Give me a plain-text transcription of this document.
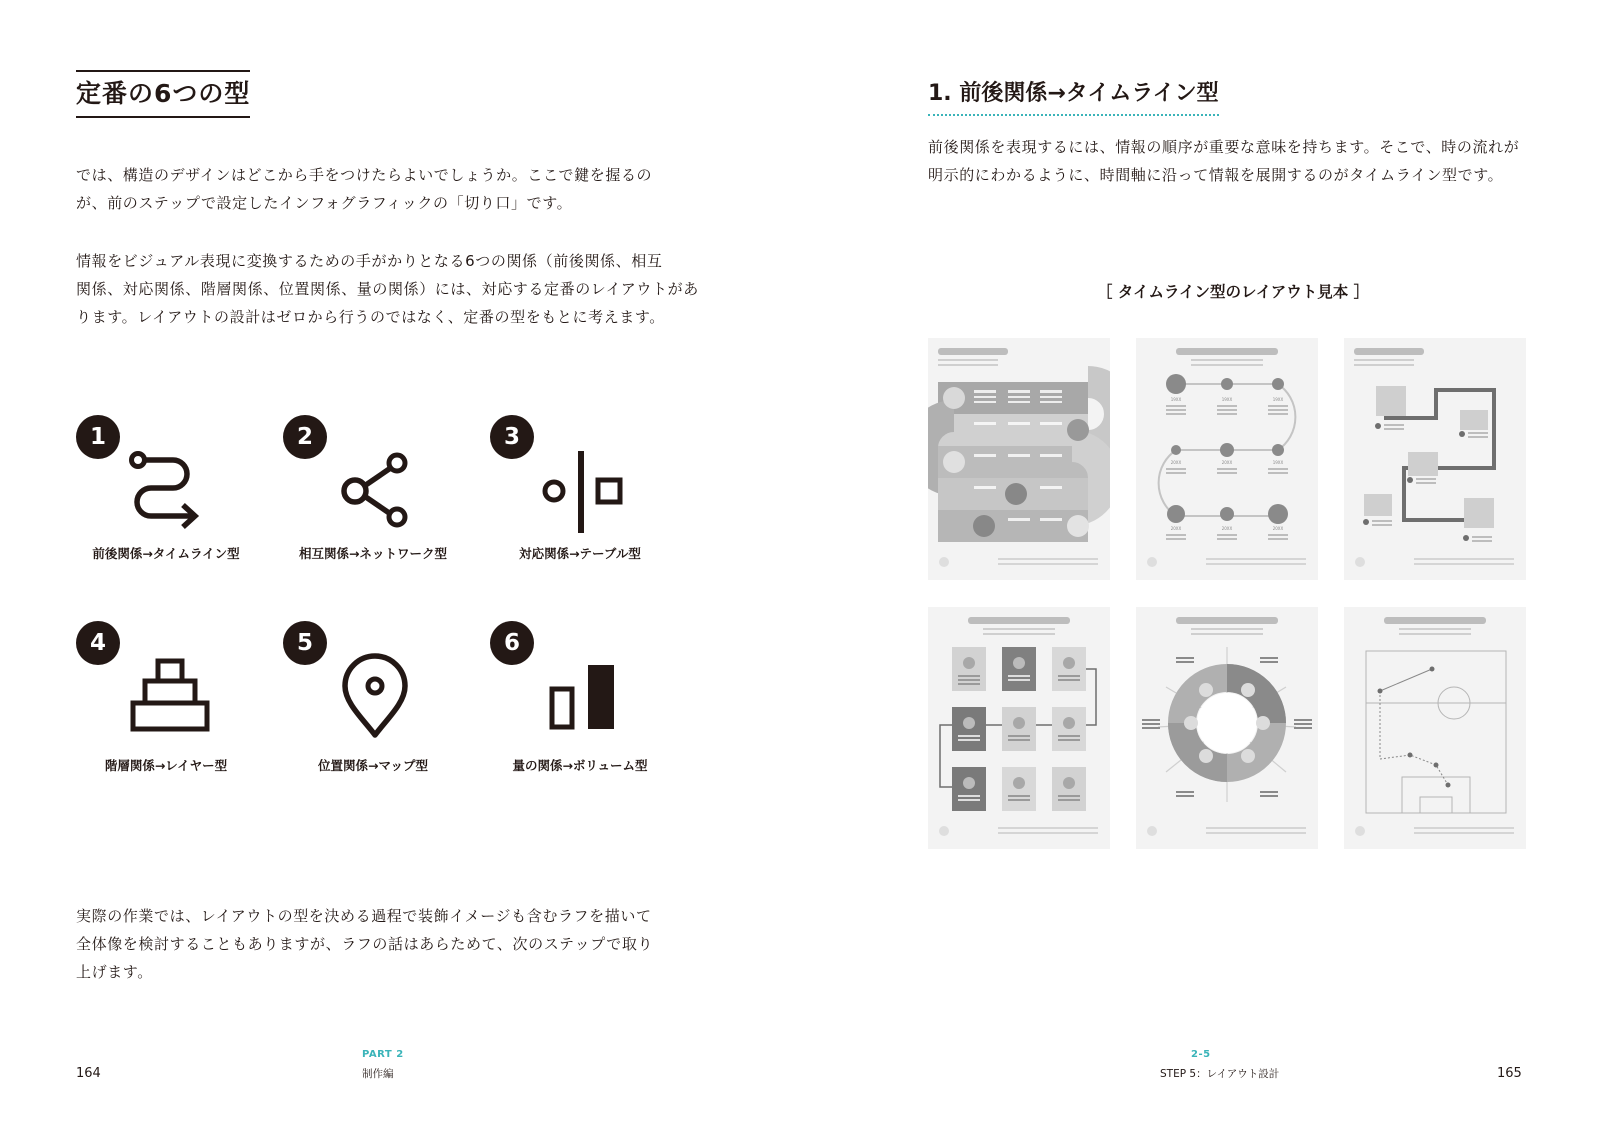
定番の6つの型

では、構造のデザインはどこから手をつけたらよいでしょうか。ここで鍵を握るの

が、前のステップで設定したインフォグラフィックの「切り口」です。

情報をビジュアル表現に変換するための手がかりとなる6つの関係（前後関係、相互

関係、対応関係、階層関係、位置関係、量の関係）には、対応する定番のレイアウトがあ

ります。レイアウトの設計はゼロから行うのではなく、定番の型をもとに考えます。

1
前後関係→タイムライン型
2
相互関係→ネットワーク型
3
対応関係→テーブル型
4
階層関係→レイヤー型
5
位置関係→マップ型
6
量の関係→ボリューム型

実際の作業では、レイアウトの型を決める過程で装飾イメージも含むラフを描いて

全体像を検討することもありますが、ラフの話はあらためて、次のステップで取り

上げます。

164
PART 2
制作編
1. 前後関係→タイムライン型

前後関係を表現するには、情報の順序が重要な意味を持ちます。そこで、時の流れが

明示的にわかるように、時間軸に沿って情報を展開するのがタイムライン型です。

［ タイムライン型のレイアウト見本 ］
19XX	19XX	19XX
20XX	20XX	19XX
20XX	20XX	20XX
2-5
STEP 5：レイアウト設計	165
